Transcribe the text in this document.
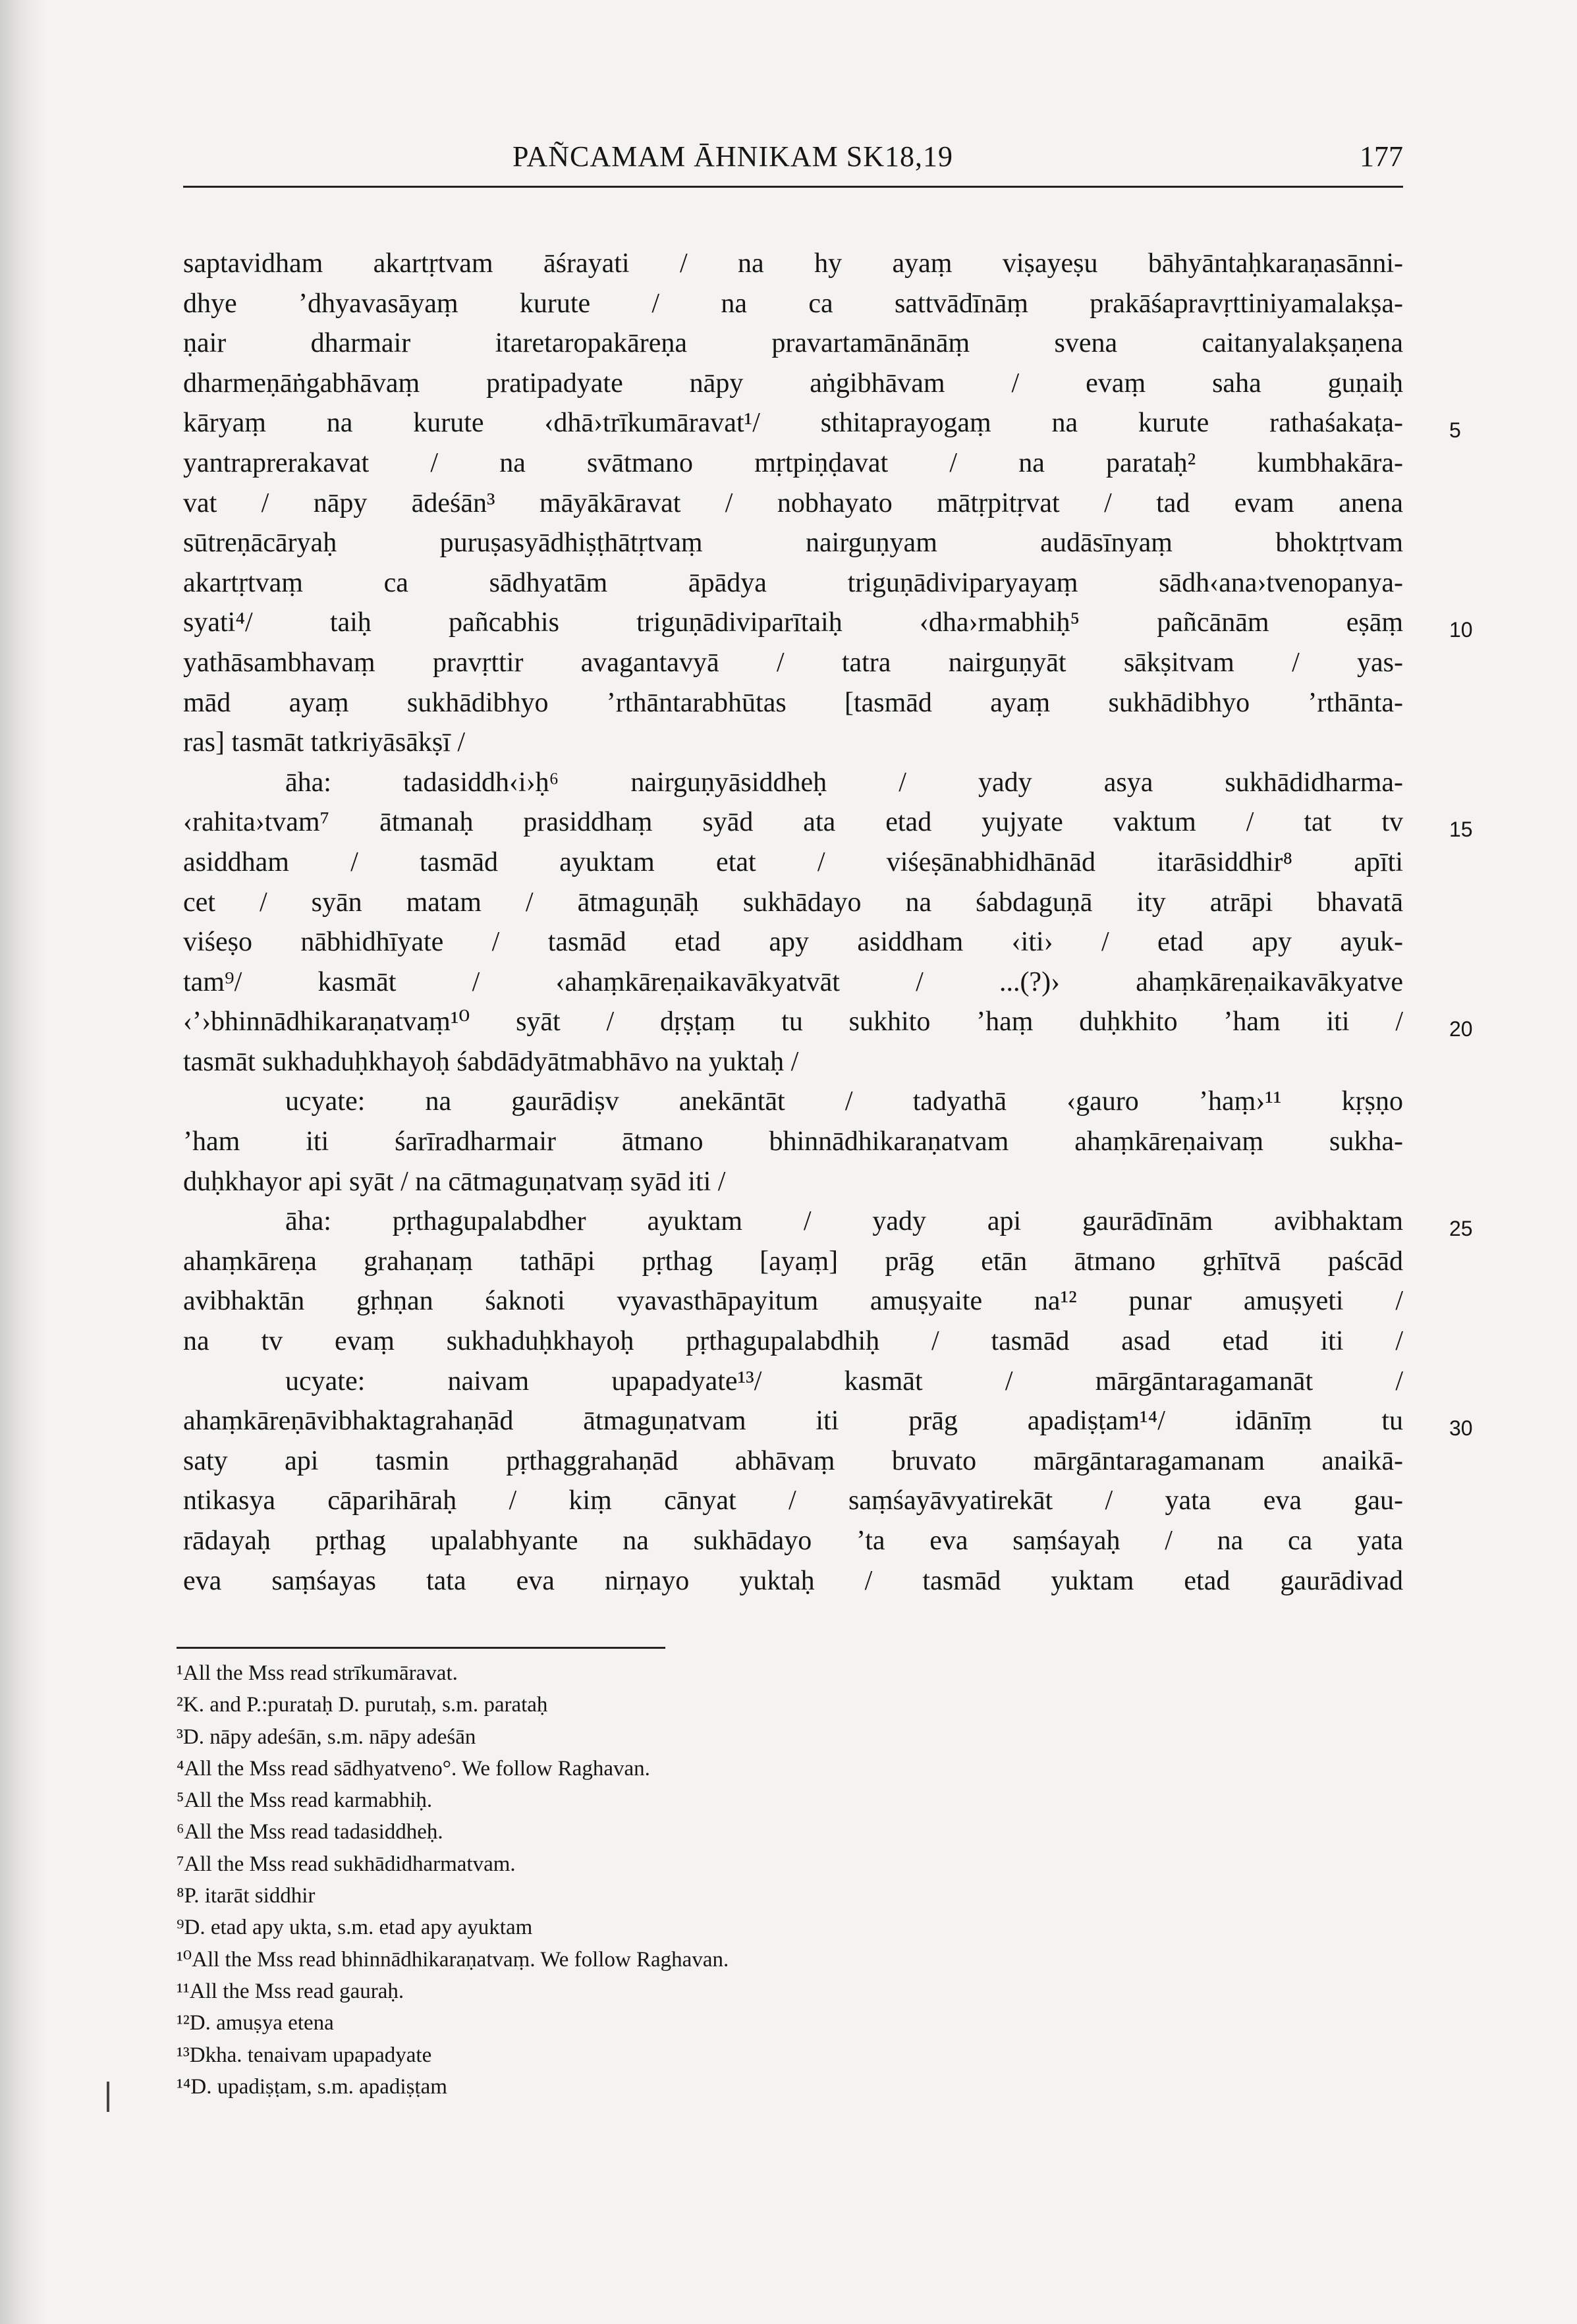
PAÑCAMAM ĀHNIKAM SK18,19	177
saptavidham akartṛtvam āśrayati / na hy ayaṃ viṣayeṣu bāhyāntaḥkaraṇasānni-
dhye ’dhyavasāyaṃ kurute / na ca sattvādīnāṃ prakāśapravṛttiniyamalakṣa-
ṇair dharmair itaretaropakāreṇa pravartamānānāṃ svena caitanyalakṣaṇena
dharmeṇāṅgabhāvaṃ pratipadyate nāpy aṅgibhāvam / evaṃ saha guṇaiḥ
kāryaṃ na kurute ‹dhā›trīkumāravat¹/ sthitaprayogaṃ na kurute rathaśakaṭa-
yantraprerakavat / na svātmano mṛtpiṇḍavat / na parataḥ² kumbhakāra-
vat / nāpy ādeśān³ māyākāravat / nobhayato mātṛpitṛvat / tad evam anena
sūtreṇācāryaḥ puruṣasyādhiṣṭhātṛtvaṃ nairguṇyam audāsīnyaṃ bhoktṛtvam
akartṛtvaṃ ca sādhyatām āpādya triguṇādiviparyayaṃ sādh‹ana›tvenopanya-
syati⁴/ taiḥ pañcabhis triguṇādiviparītaiḥ ‹dha›rmabhiḥ⁵ pañcānām eṣāṃ
yathāsambhavaṃ pravṛttir avagantavyā / tatra nairguṇyāt sākṣitvam / yas-
mād ayaṃ sukhādibhyo ’rthāntarabhūtas [tasmād ayaṃ sukhādibhyo ’rthānta-
ras] tasmāt tatkriyāsākṣī /
āha: tadasiddh‹i›ḥ⁶ nairguṇyāsiddheḥ / yady asya sukhādidharma-
‹rahita›tvam⁷ ātmanaḥ prasiddhaṃ syād ata etad yujyate vaktum / tat tv
asiddham / tasmād ayuktam etat / viśeṣānabhidhānād itarāsiddhir⁸ apīti
cet / syān matam / ātmaguṇāḥ sukhādayo na śabdaguṇā ity atrāpi bhavatā
viśeṣo nābhidhīyate / tasmād etad apy asiddham ‹iti› / etad apy ayuk-
tam⁹/ kasmāt / ‹ahaṃkāreṇaikavākyatvāt / ...(?)› ahaṃkāreṇaikavākyatve
‹’›bhinnādhikaraṇatvaṃ¹⁰ syāt / dṛṣṭaṃ tu sukhito ’haṃ duḥkhito ’ham iti /
tasmāt sukhaduḥkhayoḥ śabdādyātmabhāvo na yuktaḥ /
ucyate: na gaurādiṣv anekāntāt / tadyathā ‹gauro ’haṃ›¹¹ kṛṣṇo
’ham iti śarīradharmair ātmano bhinnādhikaraṇatvam ahaṃkāreṇaivaṃ sukha-
duḥkhayor api syāt / na cātmaguṇatvaṃ syād iti /
āha: pṛthagupalabdher ayuktam / yady api gaurādīnām avibhaktam
ahaṃkāreṇa grahaṇaṃ tathāpi pṛthag [ayaṃ] prāg etān ātmano gṛhītvā paścād
avibhaktān gṛhṇan śaknoti vyavasthāpayitum amuṣyaite na¹² punar amuṣyeti /
na tv evaṃ sukhaduḥkhayoḥ pṛthagupalabdhiḥ / tasmād asad etad iti /
ucyate: naivam upapadyate¹³/ kasmāt / mārgāntaragamanāt /
ahaṃkāreṇāvibhaktagrahaṇād ātmaguṇatvam iti prāg apadiṣṭam¹⁴/ idānīṃ tu
saty api tasmin pṛthaggrahaṇād abhāvaṃ bruvato mārgāntaragamanam anaikā-
ntikasya cāparihāraḥ / kiṃ cānyat / saṃśayāvyatirekāt / yata eva gau-
rādayaḥ pṛthag upalabhyante na sukhādayo ’ta eva saṃśayaḥ / na ca yata
eva saṃśayas tata eva nirṇayo yuktaḥ / tasmād yuktam etad gaurādivad
5
10
15
20
25
30
¹All the Mss read strīkumāravat.
²K. and P.:purataḥ D. purutaḥ, s.m. parataḥ
³D. nāpy adeśān, s.m. nāpy adeśān
⁴All the Mss read sādhyatveno°. We follow Raghavan.
⁵All the Mss read karmabhiḥ.
⁶All the Mss read tadasiddheḥ.
⁷All the Mss read sukhādidharmatvam.
⁸P. itarāt siddhir
⁹D. etad apy ukta, s.m. etad apy ayuktam
¹⁰All the Mss read bhinnādhikaraṇatvaṃ. We follow Raghavan.
¹¹All the Mss read gauraḥ.
¹²D. amuṣya etena
¹³Dkha. tenaivam upapadyate
¹⁴D. upadiṣṭam, s.m. apadiṣṭam
